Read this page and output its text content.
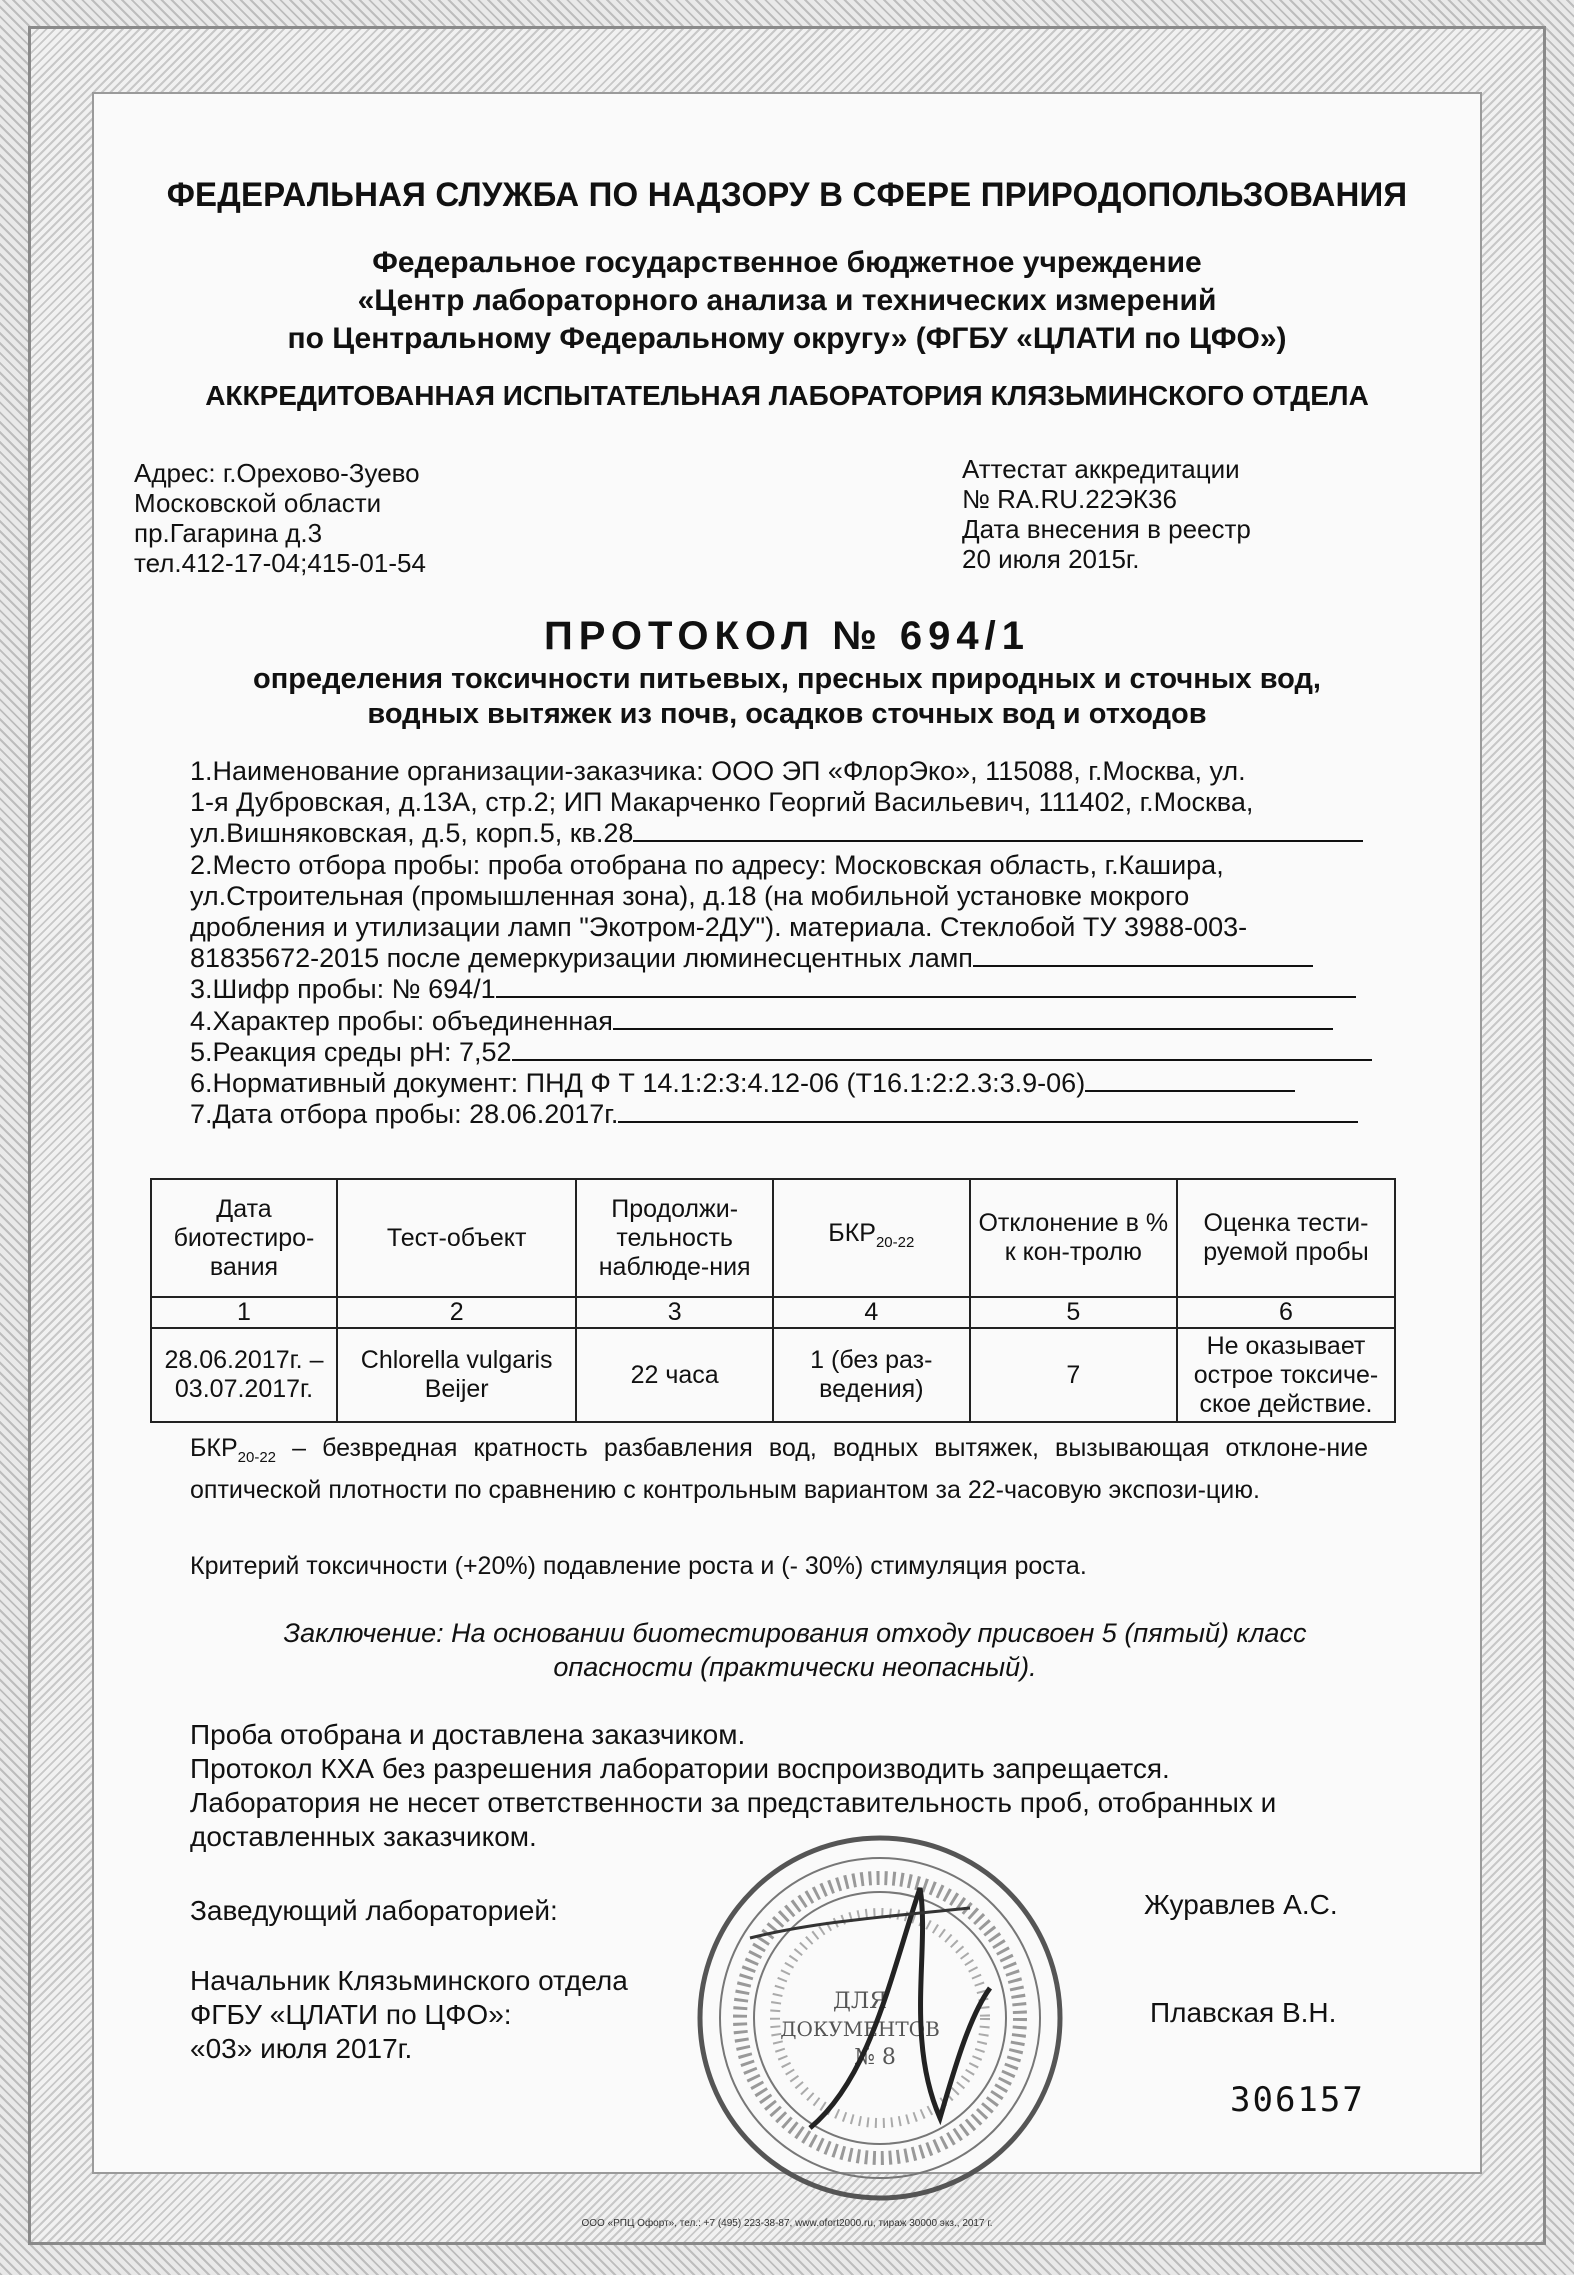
ФЕДЕРАЛЬНАЯ СЛУЖБА ПО НАДЗОРУ В СФЕРЕ ПРИРОДОПОЛЬЗОВАНИЯ
Федеральное государственное бюджетное учреждение
«Центр лабораторного анализа и технических измерений
по Центральному Федеральному округу» (ФГБУ «ЦЛАТИ по ЦФО»)
АККРЕДИТОВАННАЯ ИСПЫТАТЕЛЬНАЯ ЛАБОРАТОРИЯ КЛЯЗЬМИНСКОГО ОТДЕЛА
Адрес: г.Орехово-Зуево
Московской области
пр.Гагарина д.3
тел.412-17-04;415-01-54
Аттестат аккредитации
№ RA.RU.22ЭК36
Дата внесения в реестр
20 июля 2015г.
ПРОТОКОЛ № 694/1
определения токсичности питьевых, пресных природных и сточных вод,
водных вытяжек из почв, осадков сточных вод и отходов

1.Наименование организации-заказчика: ООО ЭП «ФлорЭко», 115088, г.Москва, ул.

1-я Дубровская, д.13А, стр.2; ИП Макарченко Георгий Васильевич, 111402, г.Москва,

ул.Вишняковская, д.5, корп.5, кв.28

2.Место отбора пробы: проба отобрана по адресу: Московская область, г.Кашира,

ул.Строительная (промышленная зона), д.18 (на мобильной установке мокрого

дробления и утилизации ламп "Экотром-2ДУ"). материала. Стеклобой ТУ 3988-003-

81835672-2015 после демеркуризации люминесцентных ламп

3.Шифр пробы: № 694/1

4.Характер пробы: объединенная

5.Реакция среды рН: 7,52

6.Нормативный документ: ПНД Ф Т 14.1:2:3:4.12-06 (Т16.1:2:2.3:3.9-06)

7.Дата отбора пробы: 28.06.2017г.

Дата биотестиро-вания	Тест-объект	Продолжи-тельность наблюде-ния	$БКР_{20-22}$	Отклонение в % к кон-тролю	Оценка тести-руемой пробы
1	2	3	4	5	6
28.06.2017г. – 03.07.2017г.	Chlorella vulgaris Beijer	22 часа	1 (без раз-ведения)	7	Не оказывает острое токсиче-ское действие.
$БКР_{20-22}$ – безвредная кратность разбавления вод, водных вытяжек, вызывающая отклоне-ние оптической плотности по сравнению с контрольным вариантом за 22-часовую экспози-цию.
Критерий токсичности (+20%) подавление роста и (- 30%) стимуляция роста.
Заключение: На основании биотестирования отходу присвоен 5 (пятый) класс
опасности (практически неопасный).
Проба отобрана и доставлена заказчиком.
Протокол КХА без разрешения лаборатории воспроизводить запрещается.
Лаборатория не несет ответственности за представительность проб, отобранных и
доставленных заказчиком.
Заведующий лабораторией:	Журавлев А.С.
Начальник Клязьминского отдела
ФГБУ «ЦЛАТИ по ЦФО»:
«03» июля 2017г.
Плавская В.Н.
ДЛЯ
ДОКУМЕНТОВ
№ 8
306157
ООО «РПЦ Офорт», тел.: +7 (495) 223-38-87, www.ofort2000.ru, тираж 30000 экз., 2017 г.
